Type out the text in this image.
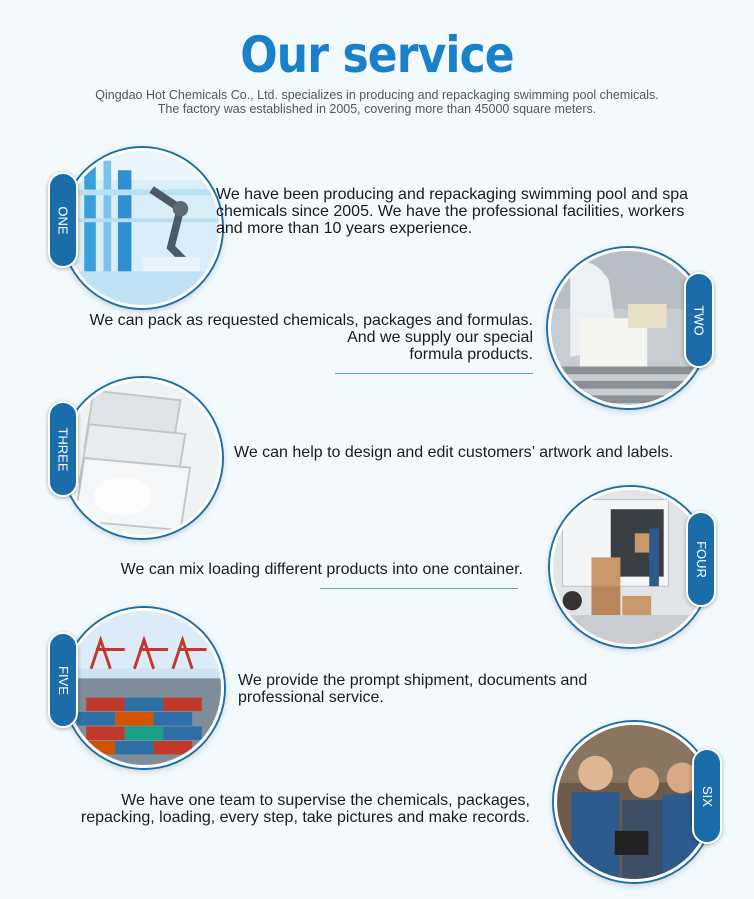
Our service
Qingdao Hot Chemicals Co., Ltd. specializes in producing and repackaging swimming pool chemicals.
The factory was established in 2005, covering more than 45000 square meters.
ONE
We have been producing and repackaging swimming pool and spa
chemicals since 2005. We have the professional facilities, workers
and more than 10 years experience.
TWO
We can pack as requested chemicals, packages and formulas.
And we supply our special
formula products.
THREE	We can help to design and edit customers’ artwork and labels.
FOUR
We can mix loading different products into one container.
FIVE	We provide the prompt shipment, documents and
professional service.
SIX
We have one team to supervise the chemicals, packages,
repacking, loading, every step, take pictures and make records.
